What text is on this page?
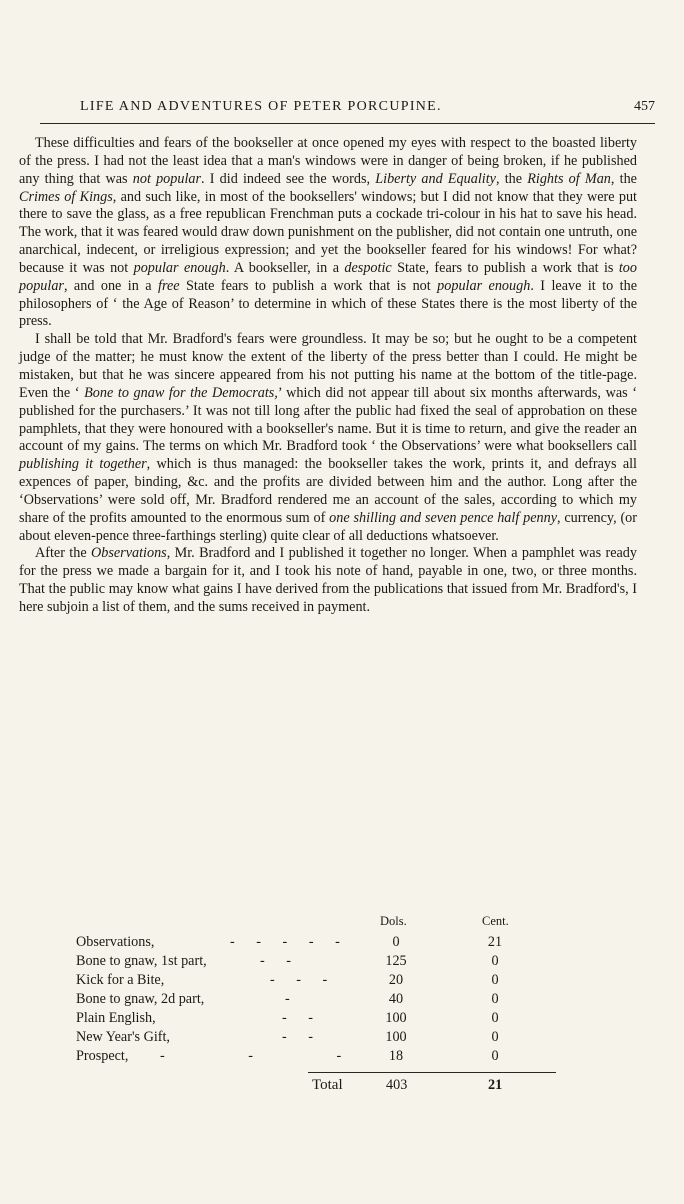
LIFE AND ADVENTURES OF PETER PORCUPINE.	457

These difficulties and fears of the bookseller at once opened my eyes with respect to the boasted liberty of the press. I had not the least idea that a man's windows were in danger of being broken, if he published any thing that was not popular. I did indeed see the words, Liberty and Equality, the Rights of Man, the Crimes of Kings, and such like, in most of the booksellers' windows; but I did not know that they were put there to save the glass, as a free republican Frenchman puts a cockade tri-colour in his hat to save his head. The work, that it was feared would draw down punishment on the publisher, did not contain one untruth, one anarchical, indecent, or irreligious expression; and yet the bookseller feared for his windows! For what? because it was not popular enough. A bookseller, in a despotic State, fears to publish a work that is too popular, and one in a free State fears to publish a work that is not popular enough. I leave it to the philosophers of ‘ the Age of Reason’ to determine in which of these States there is the most liberty of the press.

I shall be told that Mr. Bradford's fears were groundless. It may be so; but he ought to be a competent judge of the matter; he must know the extent of the liberty of the press better than I could. He might be mistaken, but that he was sincere appeared from his not putting his name at the bottom of the title-page. Even the ‘ Bone to gnaw for the Democrats,’ which did not appear till about six months afterwards, was ‘ published for the purchasers.’ It was not till long after the public had fixed the seal of approbation on these pamphlets, that they were honoured with a bookseller's name. But it is time to return, and give the reader an account of my gains. The terms on which Mr. Bradford took ‘ the Observations’ were what booksellers call publishing it together, which is thus managed: the bookseller takes the work, prints it, and defrays all expences of paper, binding, &c. and the profits are divided between him and the author. Long after the ‘Observations’ were sold off, Mr. Bradford rendered me an account of the sales, according to which my share of the profits amounted to the enormous sum of one shilling and seven pence half penny, currency, (or about eleven-pence three-farthings sterling) quite clear of all deductions whatsoever.

After the Observations, Mr. Bradford and I published it together no longer. When a pamphlet was ready for the press we made a bargain for it, and I took his note of hand, payable in one, two, or three months. That the public may know what gains I have derived from the publications that issued from Mr. Bradford's, I here subjoin a list of them, and the sums received in payment.

Dols.	Cent.
Observations,	- - - - -	0	21
Bone to gnaw, 1st part,	- -	125	0
Kick for a Bite,	- - -	20	0
Bone to gnaw, 2d part,	-	40	0
Plain English,	- -	100	0
New Year's Gift,	- -	100	0
Prospect, - - - 18	0
Total	403	21
